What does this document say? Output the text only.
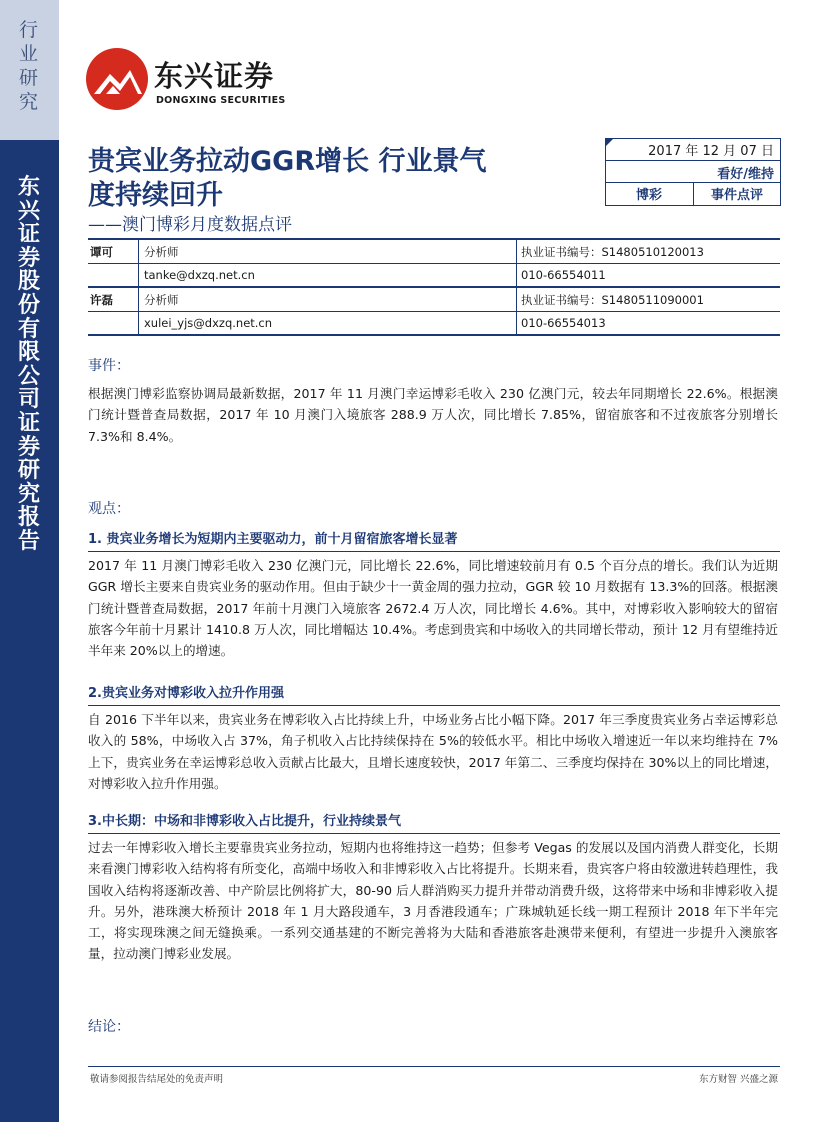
行业研究
东兴证券股份有限公司证券研究报告
东兴证券
DONGXING SECURITIES
贵宾业务拉动GGR增长 行业景气
度持续回升
——澳门博彩月度数据点评
2017 年 12 月 07 日
看好/维持
博彩	事件点评
谭可	分析师	执业证书编号：S1480510120013
tanke@dxzq.net.cn	010-66554011
许磊	分析师	执业证书编号：S1480511090001
xulei_yjs@dxzq.net.cn	010-66554013
事件：
根据澳门博彩监察协调局最新数据，2017 年 11 月澳门幸运博彩毛收入 230 亿澳门元，较去年同期增长 22.6%。根据澳门统计暨普查局数据，2017 年 10 月澳门入境旅客 288.9 万人次，同比增长 7.85%，留宿旅客和不过夜旅客分别增长 7.3%和 8.4%。
观点：
1. 贵宾业务增长为短期内主要驱动力，前十月留宿旅客增长显著
2017 年 11 月澳门博彩毛收入 230 亿澳门元，同比增长 22.6%，同比增速较前月有 0.5 个百分点的增长。我们认为近期 GGR 增长主要来自贵宾业务的驱动作用。但由于缺少十一黄金周的强力拉动，GGR 较 10 月数据有 13.3%的回落。根据澳门统计暨普查局数据，2017 年前十月澳门入境旅客 2672.4 万人次，同比增长 4.6%。其中，对博彩收入影响较大的留宿旅客今年前十月累计 1410.8 万人次，同比增幅达 10.4%。考虑到贵宾和中场收入的共同增长带动，预计 12 月有望维持近半年来 20%以上的增速。
2.贵宾业务对博彩收入拉升作用强
自 2016 下半年以来，贵宾业务在博彩收入占比持续上升，中场业务占比小幅下降。2017 年三季度贵宾业务占幸运博彩总收入的 58%，中场收入占 37%，角子机收入占比持续保持在 5%的较低水平。相比中场收入增速近一年以来均维持在 7%上下，贵宾业务在幸运博彩总收入贡献占比最大，且增长速度较快，2017 年第二、三季度均保持在 30%以上的同比增速，对博彩收入拉升作用强。
3.中长期：中场和非博彩收入占比提升，行业持续景气
过去一年博彩收入增长主要靠贵宾业务拉动，短期内也将维持这一趋势；但参考 Vegas 的发展以及国内消费人群变化，长期来看澳门博彩收入结构将有所变化，高端中场收入和非博彩收入占比将提升。长期来看，贵宾客户将由较激进转趋理性，我国收入结构将逐渐改善、中产阶层比例将扩大，80-90 后人群消购买力提升并带动消费升级，这将带来中场和非博彩收入提升。另外，港珠澳大桥预计 2018 年 1 月大路段通车，3 月香港段通车；广珠城轨延长线一期工程预计 2018 年下半年完工，将实现珠澳之间无缝换乘。一系列交通基建的不断完善将为大陆和香港旅客赴澳带来便利，有望进一步提升入澳旅客量，拉动澳门博彩业发展。
结论：
敬请参阅报告结尾处的免责声明	东方财智 兴盛之源
